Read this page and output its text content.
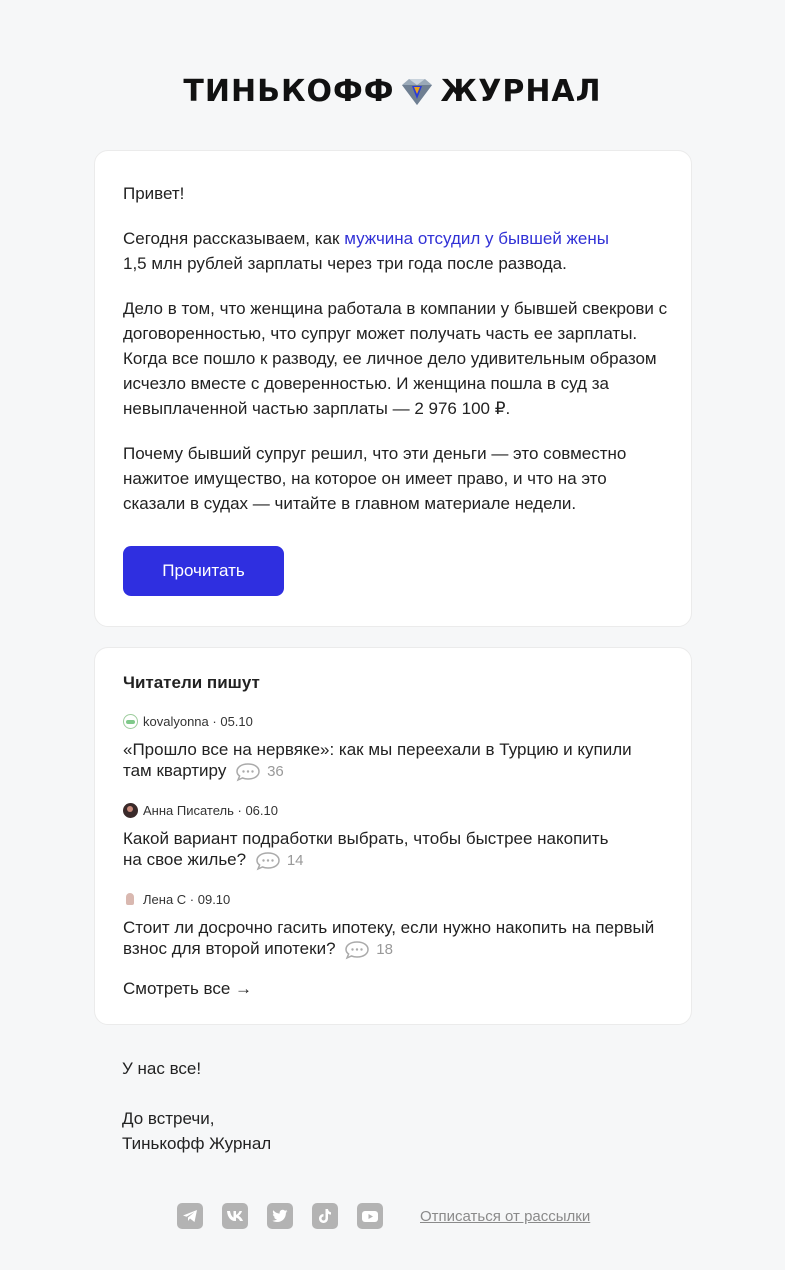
ТИНЬКОФФ ЖУРНАЛ
Привет!
Сегодня рассказываем, как мужчина отсудил у бывшей жены
1,5 млн рублей зарплаты через три года после развода.
Дело в том, что женщина работала в компании у бывшей свекрови с договоренностью, что супруг может получать часть ее зарплаты. Когда все пошло к разводу, ее личное дело удивительным образом исчезло вместе с доверенностью. И женщина пошла в суд за невыплаченной частью зарплаты — 2 976 100 ₽.
Почему бывший супруг решил, что эти деньги — это совместно нажитое имущество, на которое он имеет право, и что на это сказали в судах — читайте в главном материале недели.
Прочитать
Читатели пишут
kovalyonna · 05.10
«Прошло все на нервяке»: как мы переехали в Турцию и купили там квартиру	36
Анна Писатель · 06.10
Какой вариант подработки выбрать, чтобы быстрее накопить на свое жилье?	14
Лена С · 09.10
Стоит ли досрочно гасить ипотеку, если нужно накопить на первый взнос для второй ипотеки?	18
Смотреть все →
У нас все!
До встречи,
Тинькофф Журнал
Отписаться от рассылки
